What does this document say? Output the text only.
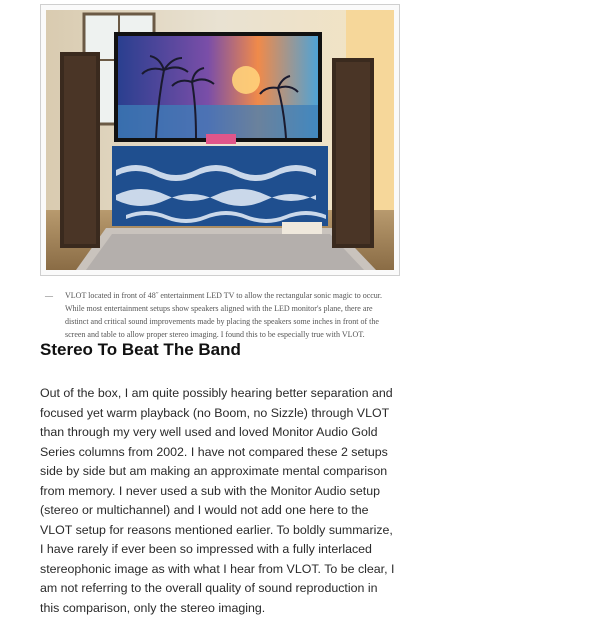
— VLOT located in front of 48˝ entertainment LED TV to allow the rectangular sonic magic to occur. While most entertainment setups show speakers aligned with the LED monitor's plane, there are distinct and critical sound improvements made by placing the speakers some inches in front of the screen and table to allow proper stereo imaging. I found this to be especially true with VLOT.
Stereo To Beat The Band

Out of the box, I am quite possibly hearing better separation and focused yet warm playback (no Boom, no Sizzle) through VLOT than through my very well used and loved Monitor Audio Gold Series columns from 2002. I have not compared these 2 setups side by side but am making an approximate mental comparison from memory. I never used a sub with the Monitor Audio setup (stereo or multichannel) and I would not add one here to the VLOT setup for reasons mentioned earlier. To boldly summarize, I have rarely if ever been so impressed with a fully interlaced stereophonic image as with what I hear from VLOT. To be clear, I am not referring to the overall quality of sound reproduction in this comparison, only the stereo imaging.
